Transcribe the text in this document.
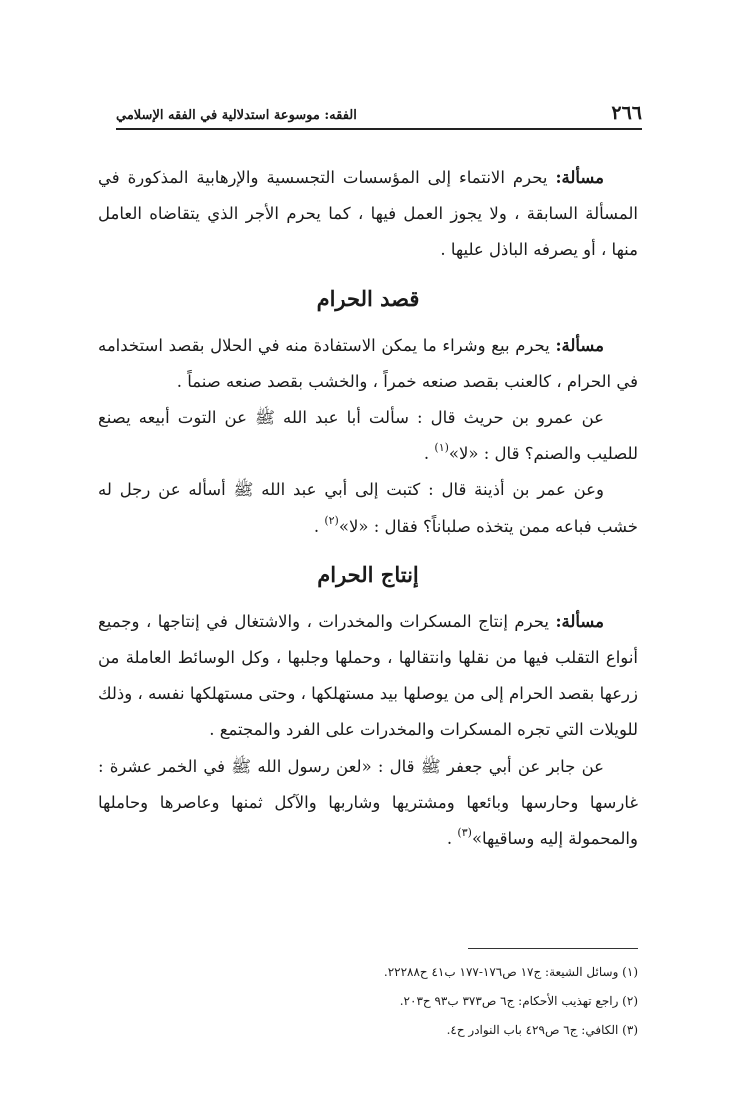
٢٦٦
الفقه: موسوعة استدلالية في الفقه الإسلامي

مسألة: يحرم الانتماء إلى المؤسسات التجسسية والإرهابية المذكورة في المسألة السابقة ، ولا يجوز العمل فيها ، كما يحرم الأجر الذي يتقاضاه العامل منها ، أو يصرفه الباذل عليها .

قصد الحرام

مسألة: يحرم بيع وشراء ما يمكن الاستفادة منه في الحلال بقصد استخدامه في الحرام ، كالعنب بقصد صنعه خمراً ، والخشب بقصد صنعه صنماً .

عن عمرو بن حريث قال : سألت أبا عبد الله ﷺ عن التوت أبيعه يصنع للصليب والصنم؟ قال : «لا»$^{(١)}$ .

وعن عمر بن أذينة قال : كتبت إلى أبي عبد الله ﷺ أسأله عن رجل له خشب فباعه ممن يتخذه صلباناً؟ فقال : «لا»$^{(٢)}$ .

إنتاج الحرام

مسألة: يحرم إنتاج المسكرات والمخدرات ، والاشتغال في إنتاجها ، وجميع أنواع التقلب فيها من نقلها وانتقالها ، وحملها وجلبها ، وكل الوسائط العاملة من زرعها بقصد الحرام إلى من يوصلها بيد مستهلكها ، وحتى مستهلكها نفسه ، وذلك للويلات التي تجره المسكرات والمخدرات على الفرد والمجتمع .

عن جابر عن أبي جعفر ﷺ قال : «لعن رسول الله ﷺ في الخمر عشرة : غارسها وحارسها وبائعها ومشتريها وشاربها والآكل ثمنها وعاصرها وحاملها والمحمولة إليه وساقيها»$^{(٣)}$ .

(١) وسائل الشيعة: ج١٧ ص١٧٦-١٧٧ ب٤١ ح٢٢٢٨٨.
(٢) راجع تهذيب الأحكام: ج٦ ص٣٧٣ ب٩٣ ح٢٠٣.
(٣) الكافي: ج٦ ص٤٢٩ باب النوادر ح٤.
